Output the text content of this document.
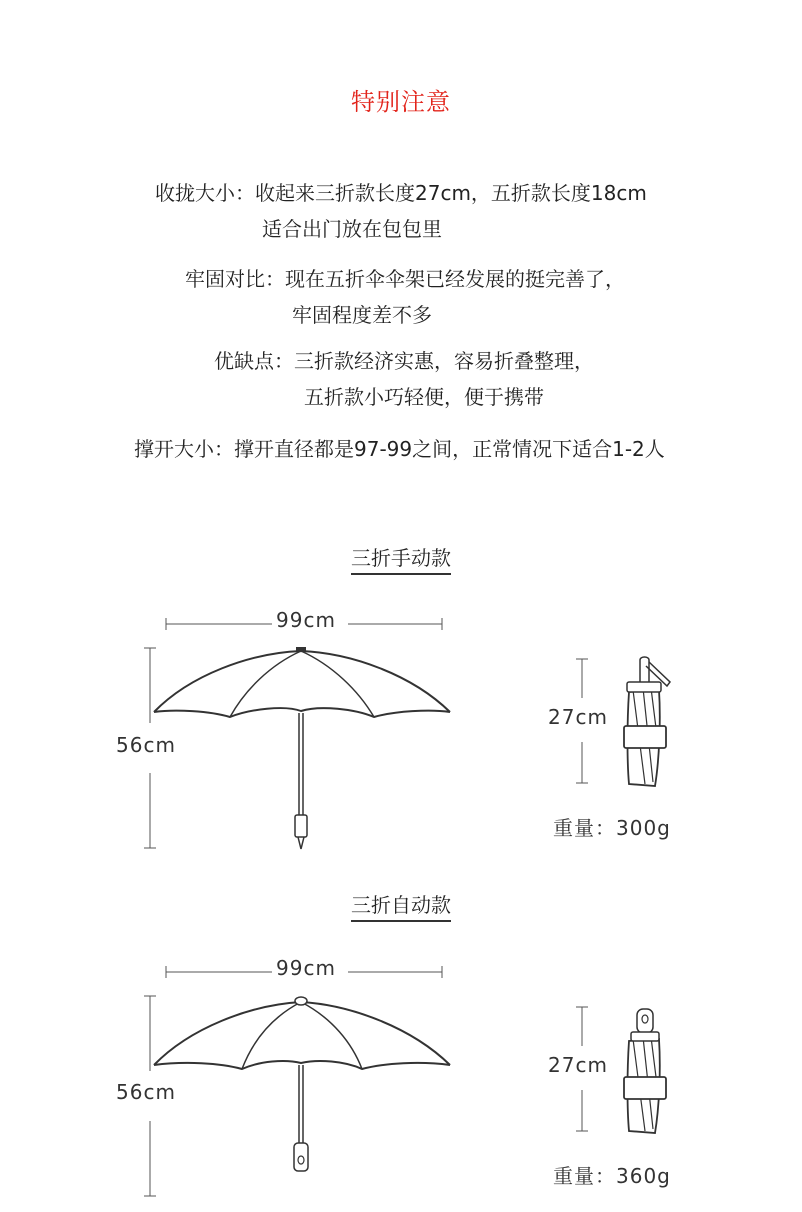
特别注意
收拢大小：收起来三折款长度27cm，五折款长度18cm
适合出门放在包包里
牢固对比：现在五折伞伞架已经发展的挺完善了，
牢固程度差不多
优缺点：三折款经济实惠，容易折叠整理，
五折款小巧轻便，便于携带
撑开大小：撑开直径都是97-99之间，正常情况下适合1-2人
三折手动款
99cm
56cm
27cm
重量：300g
三折自动款
99cm
56cm
27cm
重量：360g
